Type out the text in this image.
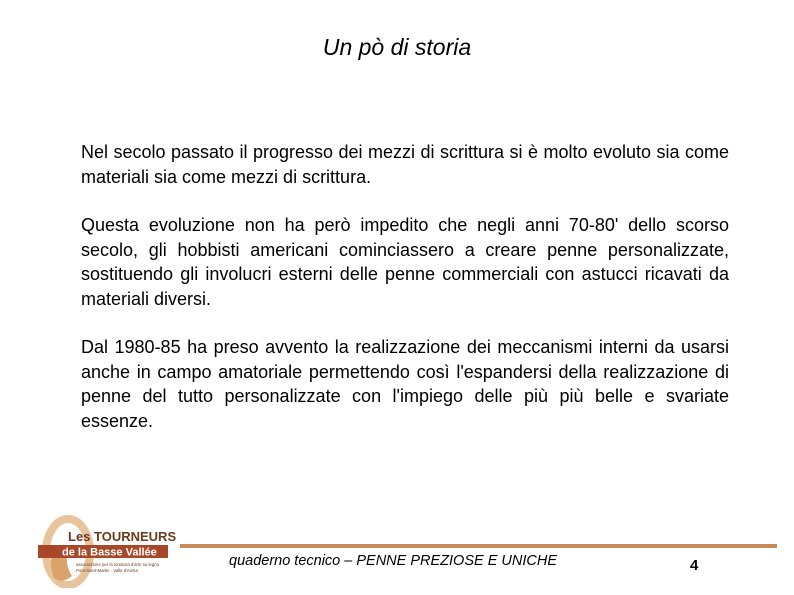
Un pò di storia

Nel secolo passato il progresso dei mezzi di scrittura si è molto evoluto sia come materiali sia come mezzi di scrittura.

Questa evoluzione non ha però impedito che negli anni 70-80' dello scorso secolo, gli hobbisti americani cominciassero a creare penne personalizzate, sostituendo gli involucri esterni delle penne commerciali con astucci ricavati da materiali diversi.

Dal 1980-85 ha preso avvento la realizzazione dei meccanismi interni da usarsi anche in campo amatoriale permettendo così l'espandersi della realizzazione di penne del tutto personalizzate con l'impiego delle più più belle e svariate essenze.

Les TOURNEURS
de la Basse Vallée
associazione per la tornitura d'arte su legno
Pont-Saint-Martin · Valle d'Aosta
quaderno tecnico – PENNE PREZIOSE E UNICHE	4
